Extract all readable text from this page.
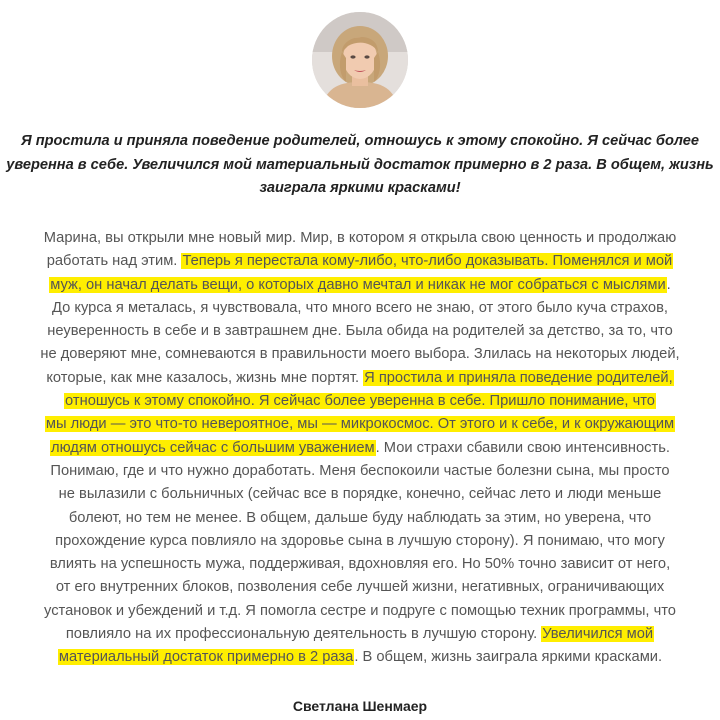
Я простила и приняла поведение родителей, отношусь к этому спокойно. Я сейчас более
уверенна в себе. Увеличился мой материальный достаток примерно в 2 раза. В общем, жизнь
заиграла яркими красками!
Марина, вы открыли мне новый мир. Мир, в котором я открыла свою ценность и продолжаю
работать над этим. Теперь я перестала кому-либо, что-либо доказывать. Поменялся и мой
муж, он начал делать вещи, о которых давно мечтал и никак не мог собраться с мыслями.
До курса я металась, я чувствовала, что много всего не знаю, от этого было куча страхов,
неуверенность в себе и в завтрашнем дне. Была обида на родителей за детство, за то, что
не доверяют мне, сомневаются в правильности моего выбора. Злилась на некоторых людей,
которые, как мне казалось, жизнь мне портят. Я простила и приняла поведение родителей,
отношусь к этому спокойно. Я сейчас более уверенна в себе. Пришло понимание, что
мы люди — это что-то невероятное, мы — микрокосмос. От этого и к себе, и к окружающим
людям отношусь сейчас с большим уважением. Мои страхи сбавили свою интенсивность.
Понимаю, где и что нужно доработать. Меня беспокоили частые болезни сына, мы просто
не вылазили с больничных (сейчас все в порядке, конечно, сейчас лето и люди меньше
болеют, но тем не менее. В общем, дальше буду наблюдать за этим, но уверена, что
прохождение курса повлияло на здоровье сына в лучшую сторону). Я понимаю, что могу
влиять на успешность мужа, поддерживая, вдохновляя его. Но 50% точно зависит от него,
от его внутренних блоков, позволения себе лучшей жизни, негативных, ограничивающих
установок и убеждений и т.д. Я помогла сестре и подруге с помощью техник программы, что
повлияло на их профессиональную деятельность в лучшую сторону. Увеличился мой
материальный достаток примерно в 2 раза. В общем, жизнь заиграла яркими красками.
Светлана Шенмаер
